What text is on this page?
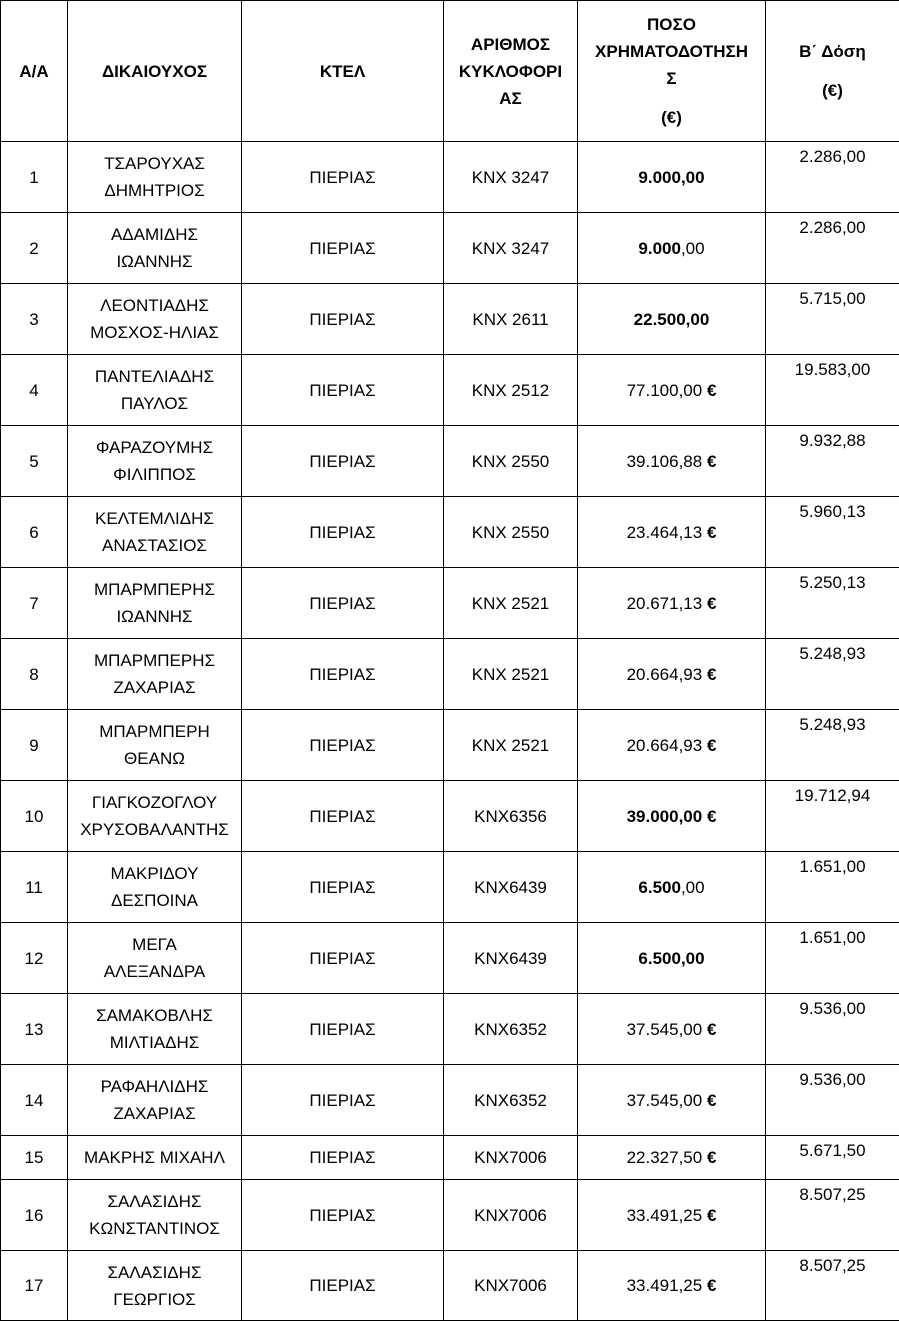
Α/Α	ΔΙΚΑΙΟΥΧΟΣ	ΚΤΕΛ	ΑΡΙΘΜΟΣ
ΚΥΚΛΟΦΟΡΙ
ΑΣ	ΠΟΣΟ
ΧΡΗΜΑΤΟΔΟΤΗΣΗ
Σ
(€)	Β΄ Δόση
(€)

1	ΤΣΑΡΟΥΧΑΣ
ΔΗΜΗΤΡΙΟΣ	ΠΙΕΡΙΑΣ	ΚΝΧ 3247	9.000,00	2.286,00
2	ΑΔΑΜΙΔΗΣ
ΙΩΑΝΝΗΣ	ΠΙΕΡΙΑΣ	ΚΝΧ 3247	9.000,00	2.286,00
3	ΛΕΟΝΤΙΑΔΗΣ
ΜΟΣΧΟΣ-ΗΛΙΑΣ	ΠΙΕΡΙΑΣ	ΚΝΧ 2611	22.500,00	5.715,00
4	ΠΑΝΤΕΛΙΑΔΗΣ
ΠΑΥΛΟΣ	ΠΙΕΡΙΑΣ	ΚΝΧ 2512	77.100,00 €	19.583,00
5	ΦΑΡΑΖΟΥΜΗΣ
ΦΙΛΙΠΠΟΣ	ΠΙΕΡΙΑΣ	ΚΝΧ 2550	39.106,88 €	9.932,88
6	ΚΕΛΤΕΜΛΙΔΗΣ
ΑΝΑΣΤΑΣΙΟΣ	ΠΙΕΡΙΑΣ	ΚΝΧ 2550	23.464,13 €	5.960,13
7	ΜΠΑΡΜΠΕΡΗΣ
ΙΩΑΝΝΗΣ	ΠΙΕΡΙΑΣ	ΚΝΧ 2521	20.671,13 €	5.250,13
8	ΜΠΑΡΜΠΕΡΗΣ
ΖΑΧΑΡΙΑΣ	ΠΙΕΡΙΑΣ	ΚΝΧ 2521	20.664,93 €	5.248,93
9	ΜΠΑΡΜΠΕΡΗ
ΘΕΑΝΩ	ΠΙΕΡΙΑΣ	ΚΝΧ 2521	20.664,93 €	5.248,93
10	ΓΙΑΓΚΟΖΟΓΛΟΥ
ΧΡΥΣΟΒΑΛΑΝΤΗΣ	ΠΙΕΡΙΑΣ	ΚΝΧ6356	39.000,00 €	19.712,94
11	ΜΑΚΡΙΔΟΥ
ΔΕΣΠΟΙΝΑ	ΠΙΕΡΙΑΣ	ΚΝΧ6439	6.500,00	1.651,00
12	ΜΕΓΑ
ΑΛΕΞΑΝΔΡΑ	ΠΙΕΡΙΑΣ	ΚΝΧ6439	6.500,00	1.651,00
13	ΣΑΜΑΚΟΒΛΗΣ
ΜΙΛΤΙΑΔΗΣ	ΠΙΕΡΙΑΣ	ΚΝΧ6352	37.545,00 €	9.536,00
14	ΡΑΦΑΗΛΙΔΗΣ
ΖΑΧΑΡΙΑΣ	ΠΙΕΡΙΑΣ	ΚΝΧ6352	37.545,00 €	9.536,00
15	ΜΑΚΡΗΣ ΜΙΧΑΗΛ	ΠΙΕΡΙΑΣ	ΚΝΧ7006	22.327,50 €	5.671,50
16	ΣΑΛΑΣΙΔΗΣ
ΚΩΝΣΤΑΝΤΙΝΟΣ	ΠΙΕΡΙΑΣ	ΚΝΧ7006	33.491,25 €	8.507,25
17	ΣΑΛΑΣΙΔΗΣ
ΓΕΩΡΓΙΟΣ	ΠΙΕΡΙΑΣ	ΚΝΧ7006	33.491,25 €	8.507,25
